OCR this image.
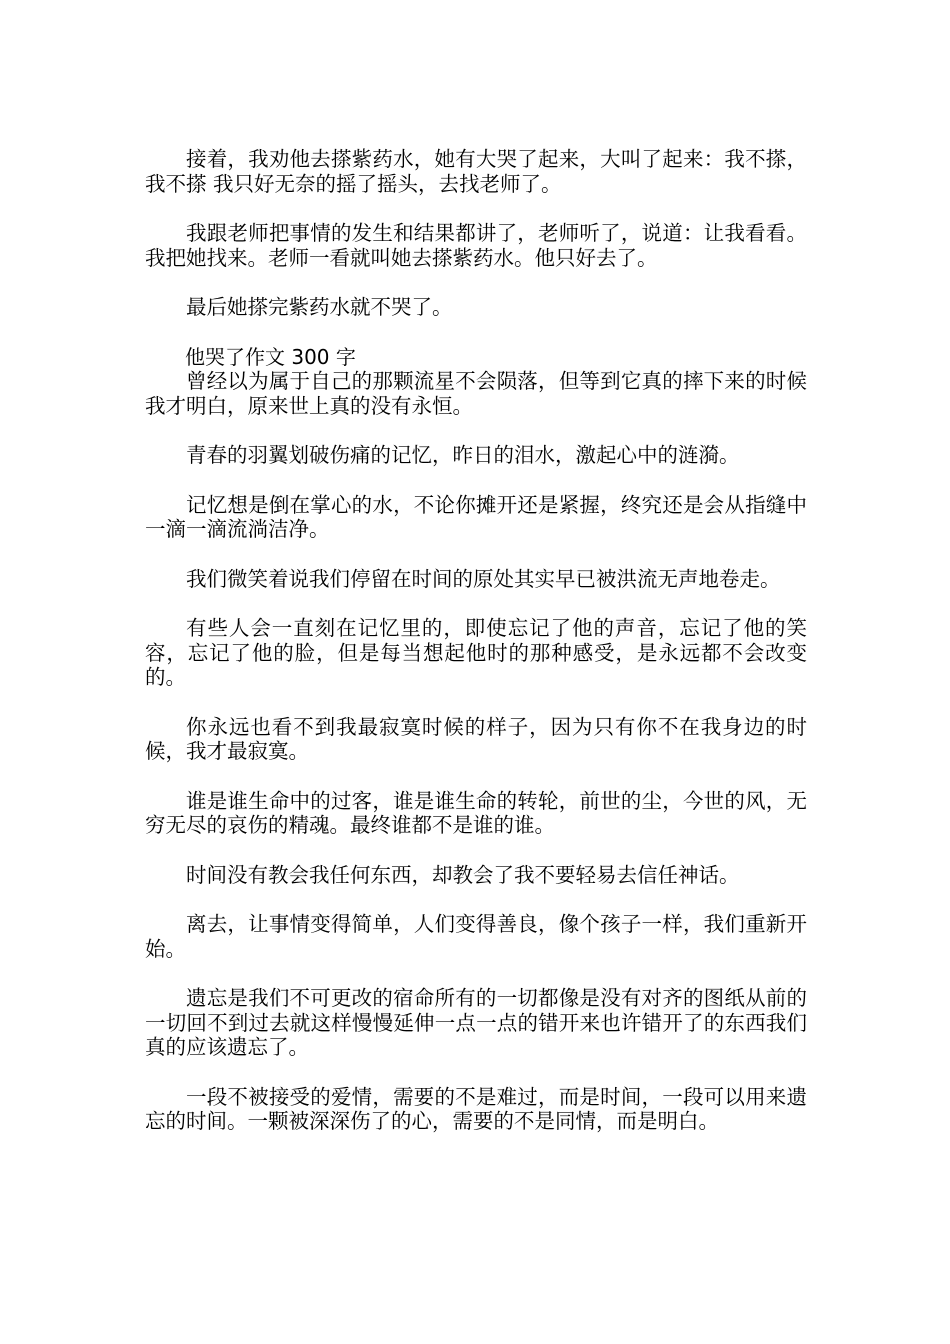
接着，我劝他去搽紫药水，她有大哭了起来，大叫了起来：我不搽，我不搽 我只好无奈的摇了摇头，去找老师了。

我跟老师把事情的发生和结果都讲了，老师听了，说道：让我看看。我把她找来。老师一看就叫她去搽紫药水。他只好去了。

最后她搽完紫药水就不哭了。

他哭了作文 300 字

曾经以为属于自己的那颗流星不会陨落，但等到它真的摔下来的时候我才明白，原来世上真的没有永恒。

青春的羽翼划破伤痛的记忆，昨日的泪水，激起心中的涟漪。

记忆想是倒在掌心的水，不论你摊开还是紧握，终究还是会从指缝中一滴一滴流淌洁净。

我们微笑着说我们停留在时间的原处其实早已被洪流无声地卷走。

有些人会一直刻在记忆里的，即使忘记了他的声音，忘记了他的笑容，忘记了他的脸，但是每当想起他时的那种感受，是永远都不会改变的。

你永远也看不到我最寂寞时候的样子，因为只有你不在我身边的时候，我才最寂寞。

谁是谁生命中的过客，谁是谁生命的转轮，前世的尘，今世的风，无穷无尽的哀伤的精魂。最终谁都不是谁的谁。

时间没有教会我任何东西，却教会了我不要轻易去信任神话。

离去，让事情变得简单，人们变得善良，像个孩子一样，我们重新开始。

遗忘是我们不可更改的宿命所有的一切都像是没有对齐的图纸从前的一切回不到过去就这样慢慢延伸一点一点的错开来也许错开了的东西我们真的应该遗忘了。

一段不被接受的爱情，需要的不是难过，而是时间，一段可以用来遗忘的时间。一颗被深深伤了的心，需要的不是同情，而是明白。
